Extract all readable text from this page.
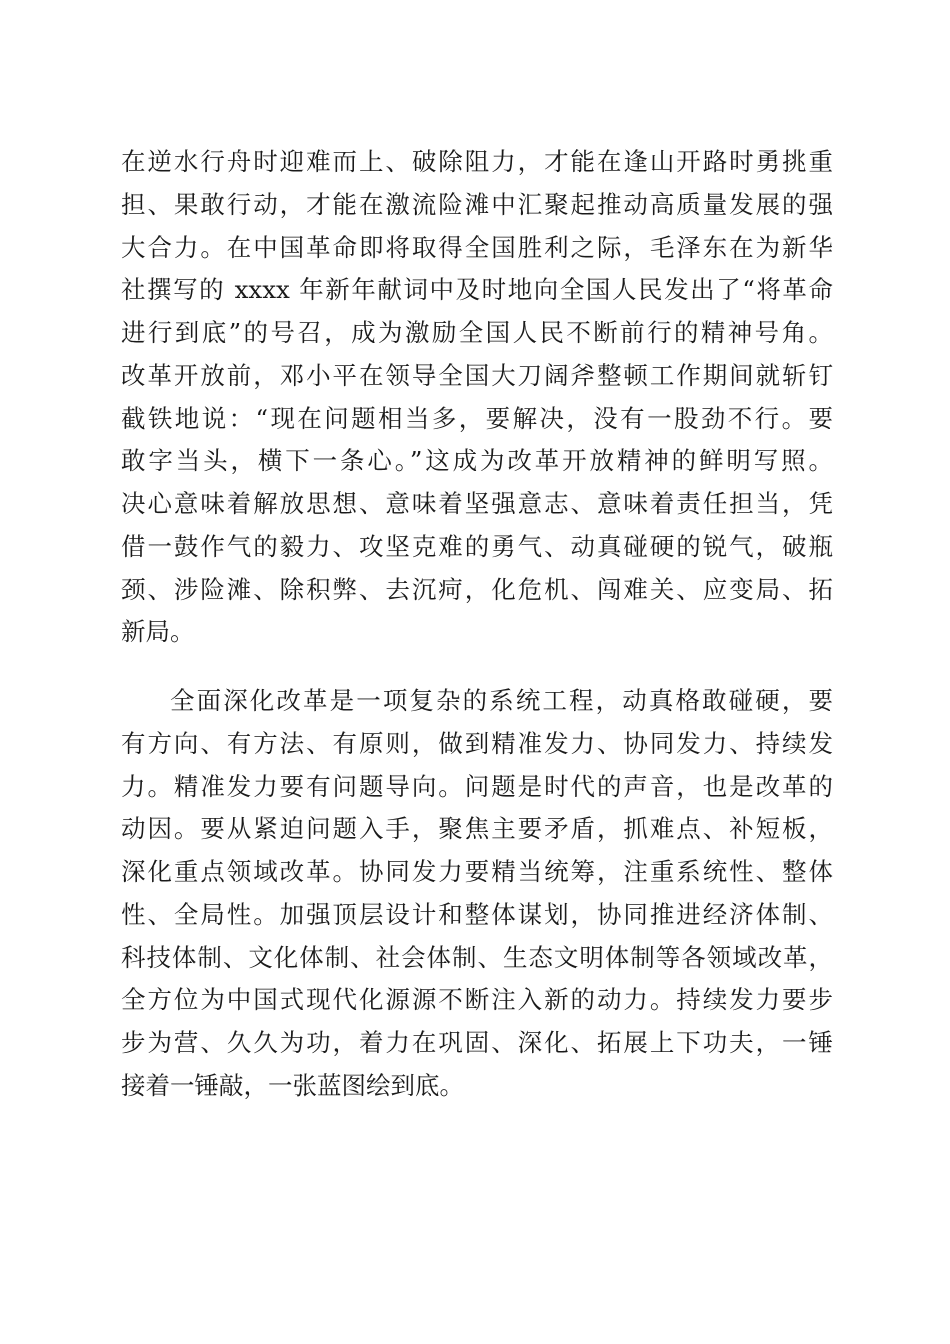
在逆水行舟时迎难而上、破除阻力，才能在逢山开路时勇挑重
担、果敢行动，才能在激流险滩中汇聚起推动高质量发展的强
大合力。在中国革命即将取得全国胜利之际，毛泽东在为新华
社撰写的 xxxx 年新年献词中及时地向全国人民发出了“将革命
进行到底”的号召，成为激励全国人民不断前行的精神号角。
改革开放前，邓小平在领导全国大刀阔斧整顿工作期间就斩钉
截铁地说：“现在问题相当多，要解决，没有一股劲不行。要
敢字当头，横下一条心。”这成为改革开放精神的鲜明写照。
决心意味着解放思想、意味着坚强意志、意味着责任担当，凭
借一鼓作气的毅力、攻坚克难的勇气、动真碰硬的锐气，破瓶
颈、涉险滩、除积弊、去沉疴，化危机、闯难关、应变局、拓
新局。
全面深化改革是一项复杂的系统工程，动真格敢碰硬，要
有方向、有方法、有原则，做到精准发力、协同发力、持续发
力。精准发力要有问题导向。问题是时代的声音，也是改革的
动因。要从紧迫问题入手，聚焦主要矛盾，抓难点、补短板，
深化重点领域改革。协同发力要精当统筹，注重系统性、整体
性、全局性。加强顶层设计和整体谋划，协同推进经济体制、
科技体制、文化体制、社会体制、生态文明体制等各领域改革，
全方位为中国式现代化源源不断注入新的动力。持续发力要步
步为营、久久为功，着力在巩固、深化、拓展上下功夫，一锤
接着一锤敲，一张蓝图绘到底。
